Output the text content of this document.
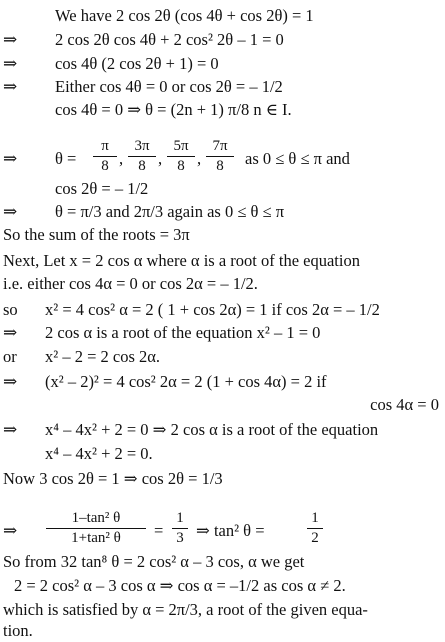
We have 2 cos 2θ (cos 4θ + cos 2θ) = 1
⇒ 2 cos 2θ cos 4θ + 2 cos² 2θ – 1 = 0
⇒ cos 4θ (2 cos 2θ + 1) = 0
⇒ Either cos 4θ = 0 or cos 2θ = – 1/2
cos 4θ = 0 ⇒ θ = (2n + 1) π/8 n ∈ I.
⇒ $\theta = \frac{\pi}{8}$ , $\frac{3\pi}{8}$ , $\frac{5\pi}{8}$ , $\frac{7\pi}{8}$ as 0 ≤ θ ≤ π and
cos 2θ = – 1/2
⇒ θ = π/3 and 2π/3 again as 0 ≤ θ ≤ π
So the sum of the roots = 3π
Next, Let x = 2 cos α where α is a root of the equation
i.e. either cos 4α = 0 or cos 2α = – 1/2.
so x² = 4 cos² α = 2 ( 1 + cos 2α) = 1 if cos 2α = – 1/2
⇒ 2 cos α is a root of the equation x² – 1 = 0
or x² – 2 = 2 cos 2α.
⇒ (x² – 2)² = 4 cos² 2α = 2 (1 + cos 4α) = 2 if
cos 4α = 0
⇒ x⁴ – 4x² + 2 = 0 ⇒ 2 cos α is a root of the equation
x⁴ – 4x² + 2 = 0.
Now 3 cos 2θ = 1 ⇒ cos 2θ = 1/3
⇒ $\frac{\text{1–tan² θ}}{\text{1+tan² θ}} = \frac{1}{3}$ ⇒ tan² θ =	$\frac{1}{2}$
So from 32 tan⁸ θ = 2 cos² α – 3 cos, α we get
2 = 2 cos² α – 3 cos α ⇒ cos α = –1/2 as cos α ≠ 2.
which is satisfied by α = 2π/3, a root of the given equa-
tion.
